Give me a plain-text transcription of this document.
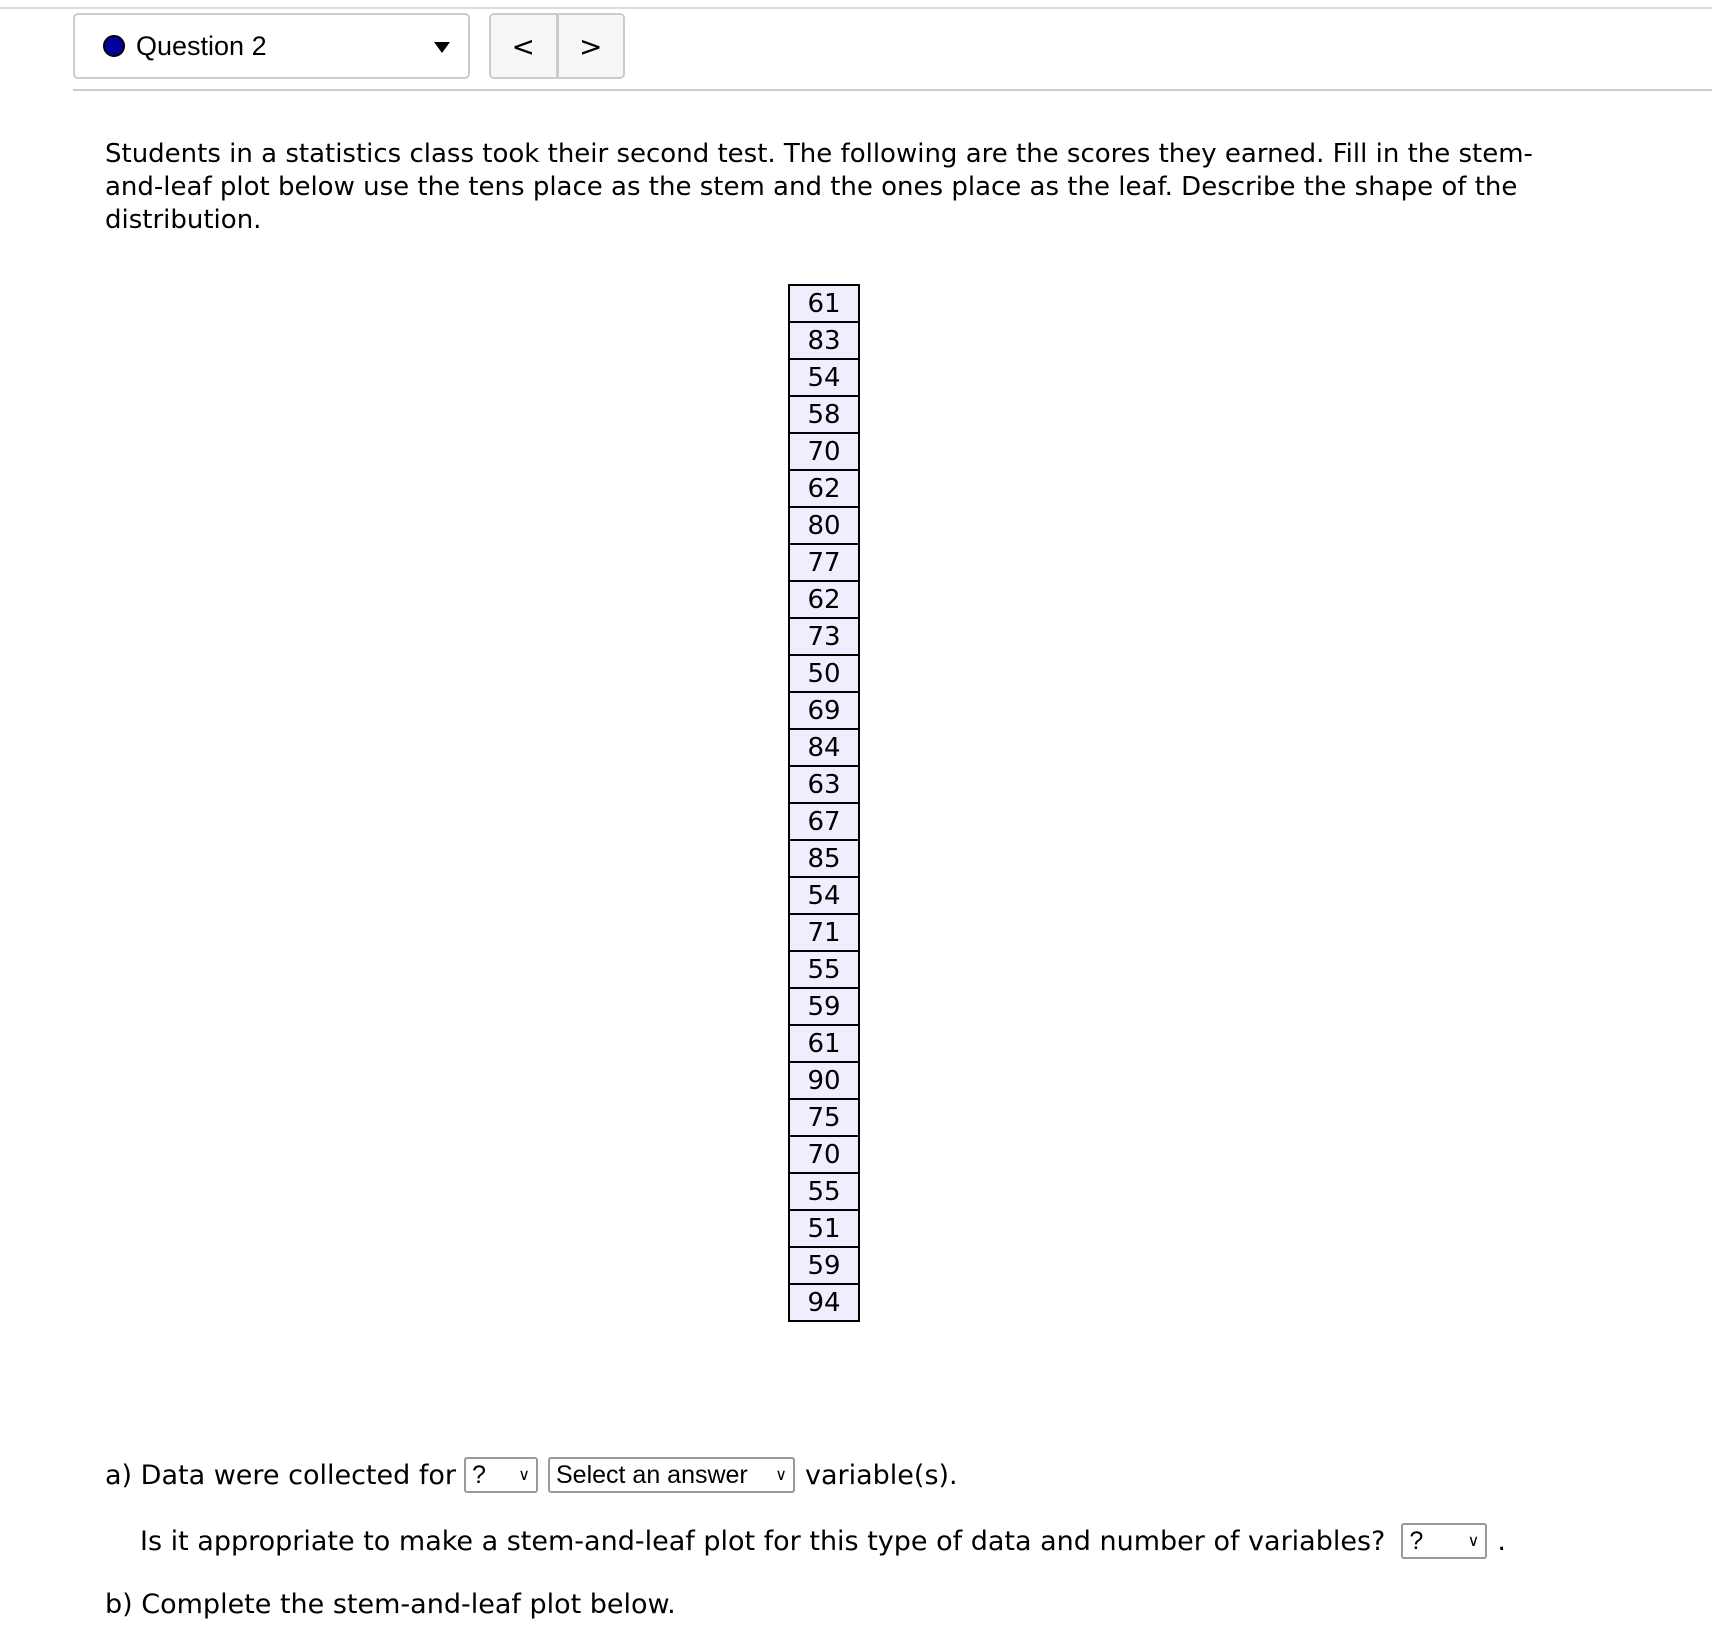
Question 2	<	>
Students in a statistics class took their second test. The following are the scores they earned. Fill in the stem-and-leaf plot below use the tens place as the stem and the ones place as the leaf. Describe the shape of the distribution.
61
83
54
58
70
62
80
77
62
73
50
69
84
63
67
85
54
71
55
59
61
90
75
70
55
51
59
94
a) Data were collected for ?	∨ Select an answer	∨ variable(s).
Is it appropriate to make a stem-and-leaf plot for this type of data and number of variables? ?	∨ .
b) Complete the stem-and-leaf plot below.
